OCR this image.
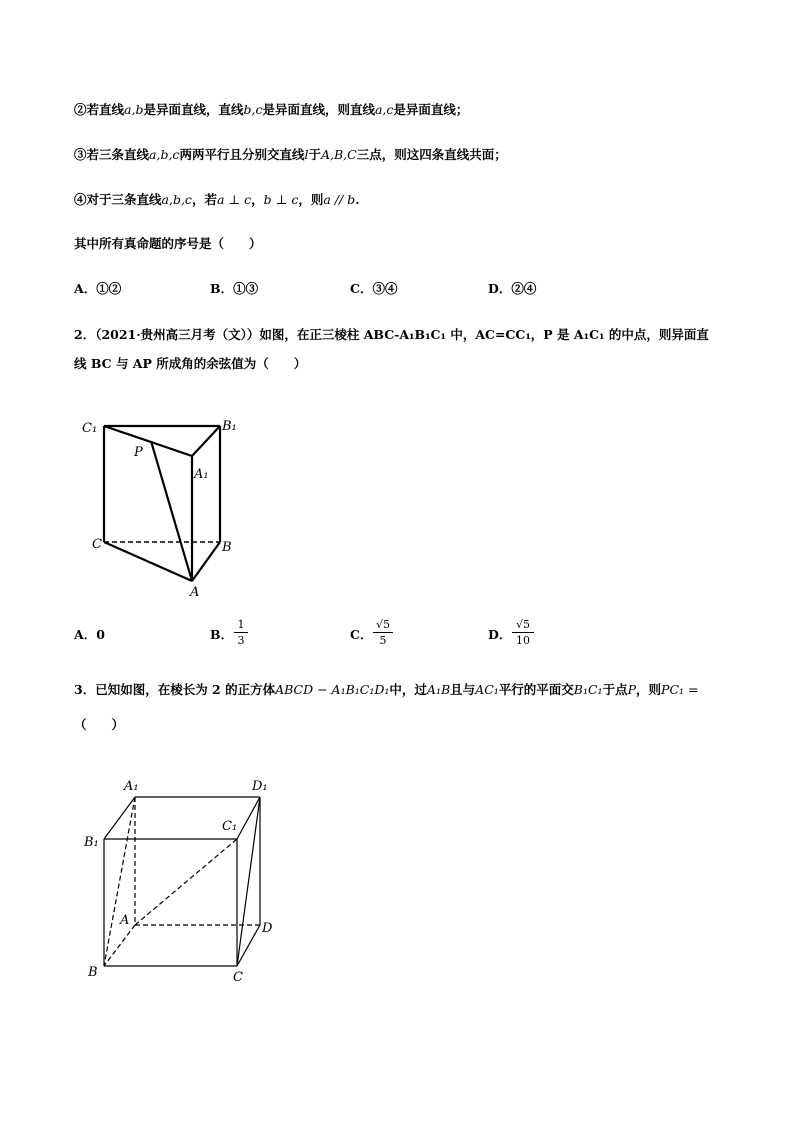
②若直线a,b是异面直线，直线b,c是异面直线，则直线a,c是异面直线；
③若三条直线a,b,c两两平行且分别交直线l于A,B,C三点，则这四条直线共面；
④对于三条直线a,b,c，若a ⊥ c，b ⊥ c，则a // b.
其中所有真命题的序号是（　　）
A．①②	B．①③	C．③④	D．②④
2．（2021·贵州高三月考（文））如图，在正三棱柱 ABC-A₁B₁C₁ 中，AC=CC₁，P 是 A₁C₁ 的中点，则异面直
线 BC 与 AP 所成角的余弦值为（　　）
C₁	B₁
P
A₁
C	B
A
A．0	B．
1
3	C．
√5
5	D．
√5
10
3．已知如图，在棱长为 2 的正方体ABCD − A₁B₁C₁D₁中，过A₁B且与AC₁平行的平面交B₁C₁于点P，则PC₁ =
（　　）
A₁	D₁
C₁
B₁
A
D
B	C
